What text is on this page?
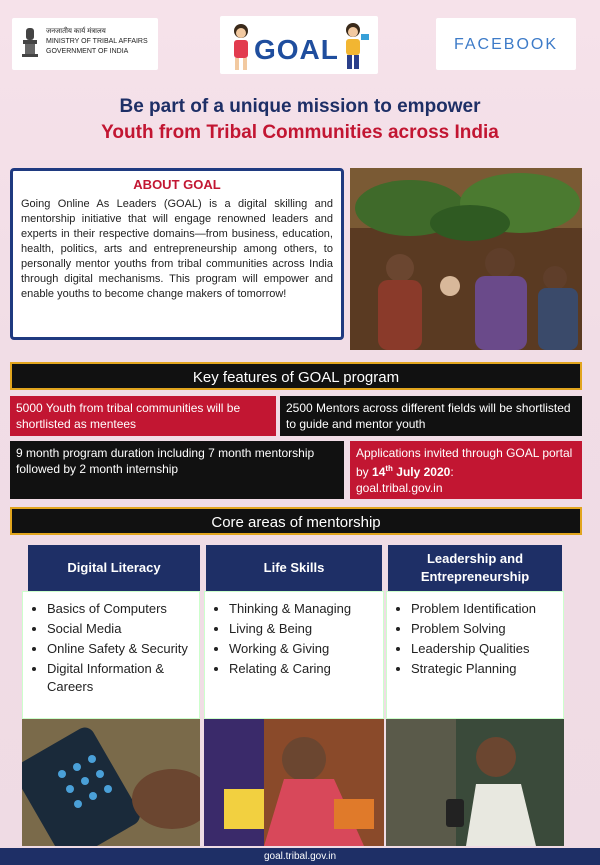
जनजातीय कार्य मंत्रालय
MINISTRY OF TRIBAL AFFAIRS
GOVERNMENT OF INDIA	GOAL	FACEBOOK
Be part of a unique mission to empower
Youth from Tribal Communities across India
ABOUT GOAL
Going Online As Leaders (GOAL) is a digital skilling and mentorship initiative that will engage renowned leaders and experts in their respective domains—from business, education, health, politics, arts and entrepreneurship among others, to personally mentor youths from tribal communities across India through digital mechanisms. This program will empower and enable youths to become change makers of tomorrow!
Key features of GOAL program
5000 Youth from tribal communities will be shortlisted as mentees
2500 Mentors across different fields will be shortlisted to guide and mentor youth
9 month program duration including 7 month mentorship followed by 2 month internship
Applications invited through GOAL portal by 14th July 2020:
goal.tribal.gov.in
Core areas of mentorship
Digital Literacy
• Basics of Computers
• Social Media
• Online Safety & Security
• Digital Information & Careers
Life Skills
• Thinking & Managing
• Living & Being
• Working & Giving
• Relating & Caring
Leadership and
Entrepreneurship
• Problem Identification
• Problem Solving
• Leadership Qualities
• Strategic Planning
goal.tribal.gov.in
